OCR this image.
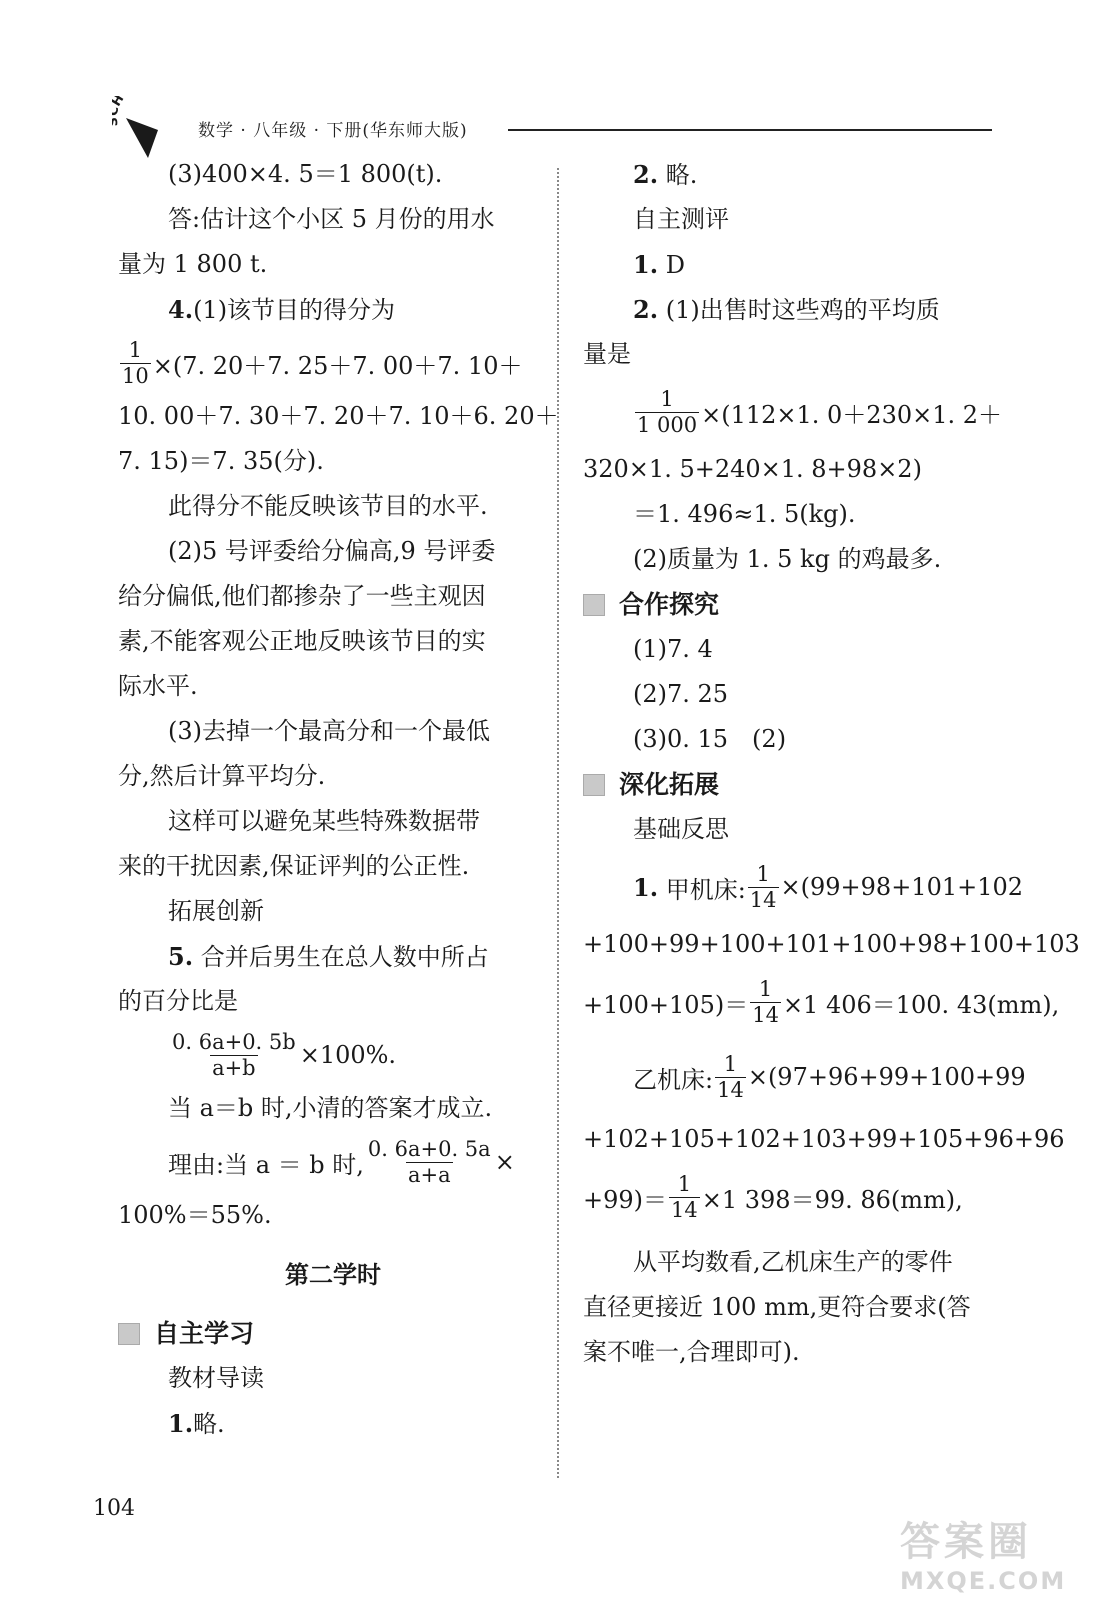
数学 · 八年级 · 下册(华东师大版)
(3)400×4. 5＝1 800(t).
答:估计这个小区 5 月份的用水
量为 1 800 t.
4.(1)该节目的得分为
$\frac{1}{10} \times(7$. 20＋7. 25＋7. 00＋7. 10＋
10. 00＋7. 30＋7. 20＋7. 10＋6. 20＋
7. 15)＝7. 35(分).
此得分不能反映该节目的水平.
(2)5 号评委给分偏高,9 号评委
给分偏低,他们都掺杂了一些主观因
素,不能客观公正地反映该节目的实
际水平.
(3)去掉一个最高分和一个最低
分,然后计算平均分.
这样可以避免某些特殊数据带
来的干扰因素,保证评判的公正性.
拓展创新
5. 合并后男生在总人数中所占
的百分比是
$\frac{0. 6a+0. 5b}{a+b} \times 100\%$.
当 a＝b 时,小清的答案才成立.
理由:当 a ＝ b 时, $\frac{0. 6a+0. 5a}{a+a}$ ×
100%＝55%.
第二学时
自主学习
教材导读
1.略.
2. 略.
自主测评
1. D
2. (1)出售时这些鸡的平均质
量是
$\frac{1}{1 000} \times(112\times 1$. 0＋230×1. 2＋
320×1. 5+240×1. 8+98×2)
＝1. 496≈1. 5(kg).
(2)质量为 1. 5 kg 的鸡最多.
合作探究
(1)7. 4
(2)7. 25
(3)0. 15　(2)
深化拓展
基础反思
1.
甲机床: $\frac{1}{14} \times(99+98+101+102$
+100+99+100+101+100+98+100+103
$+100+105)= \frac{1}{14} \times 1$ 406＝100. 43(mm),
乙机床: $\frac{1}{14} \times(97+96+99+100+99$
+102+105+102+103+99+105+96+96
$+99)= \frac{1}{14} \times 1$ 398＝99. 86(mm),
从平均数看,乙机床生产的零件
直径更接近 100 mm,更符合要求(答
案不唯一,合理即可).
104
答案圈
MXQE.COM
